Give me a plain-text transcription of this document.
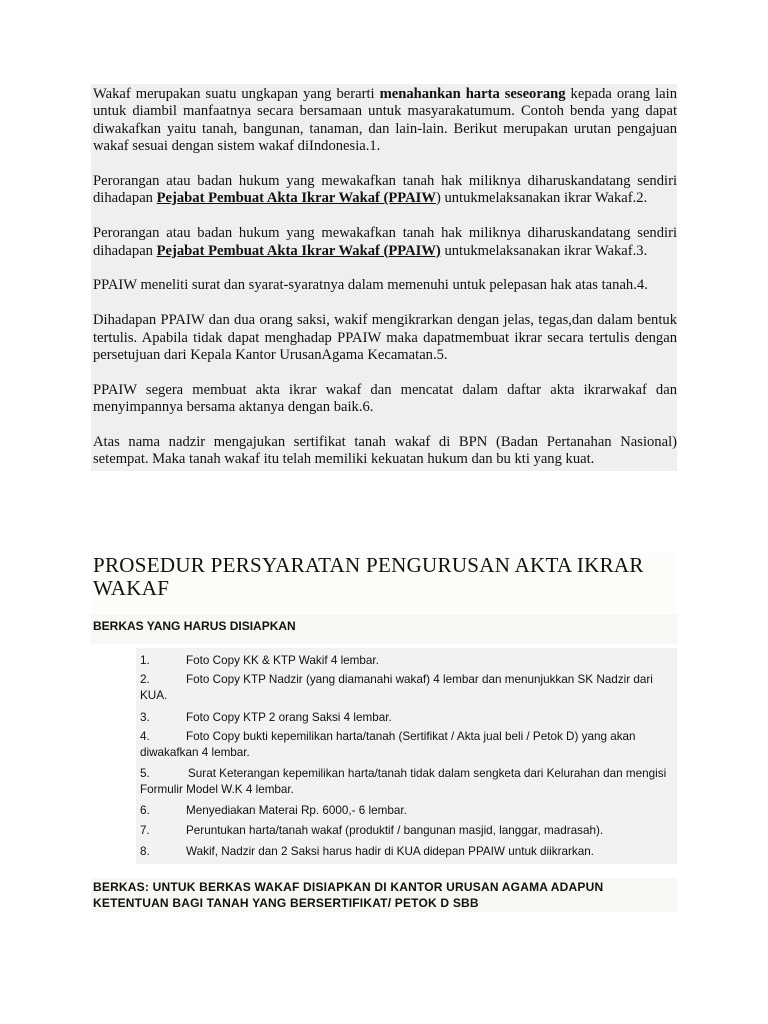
Wakaf merupakan suatu ungkapan yang berarti menahankan harta seseorang kepada orang lain untuk diambil manfaatnya secara bersamaan untuk masyarakatumum. Contoh benda yang dapat diwakafkan yaitu tanah, bangunan, tanaman, dan lain-lain. Berikut merupakan urutan pengajuan wakaf sesuai dengan sistem wakaf diIndonesia.1.

Perorangan atau badan hukum yang mewakafkan tanah hak miliknya diharuskandatang sendiri dihadapan Pejabat Pembuat Akta Ikrar Wakaf (PPAIW) untukmelaksanakan ikrar Wakaf.2.

Perorangan atau badan hukum yang mewakafkan tanah hak miliknya diharuskandatang sendiri dihadapan Pejabat Pembuat Akta Ikrar Wakaf (PPAIW) untukmelaksanakan ikrar Wakaf.3.

PPAIW meneliti surat dan syarat-syaratnya dalam memenuhi untuk pelepasan hak atas tanah.4.

Dihadapan PPAIW dan dua orang saksi, wakif mengikrarkan dengan jelas, tegas,dan dalam bentuk tertulis. Apabila tidak dapat menghadap PPAIW maka dapatmembuat ikrar secara tertulis dengan persetujuan dari Kepala Kantor UrusanAgama Kecamatan.5.

PPAIW segera membuat akta ikrar wakaf dan mencatat dalam daftar akta ikrarwakaf dan menyimpannya bersama aktanya dengan baik.6.

Atas nama nadzir mengajukan sertifikat tanah wakaf di BPN (Badan Pertanahan Nasional) setempat. Maka tanah wakaf itu telah memiliki kekuatan hukum dan bu kti yang kuat.

PROSEDUR PERSYARATAN PENGURUSAN AKTA IKRAR WAKAF
BERKAS YANG HARUS DISIAPKAN
1.	Foto Copy KK & KTP Wakif 4 lembar.
2.	Foto Copy KTP Nadzir (yang diamanahi wakaf) 4 lembar dan menunjukkan SK Nadzir dari KUA.
3.	Foto Copy KTP 2 orang Saksi 4 lembar.
4.	Foto Copy bukti kepemilikan harta/tanah (Sertifikat / Akta jual beli / Petok D) yang akan diwakafkan 4 lembar.
5.	Surat Keterangan kepemilikan harta/tanah tidak dalam sengketa dari Kelurahan dan mengisi Formulir Model W.K 4 lembar.
6.	Menyediakan Materai Rp. 6000,- 6 lembar.
7.	Peruntukan harta/tanah wakaf (produktif / bangunan masjid, langgar, madrasah).
8.	Wakif, Nadzir dan 2 Saksi harus hadir di KUA didepan PPAIW untuk diikrarkan.
BERKAS: UNTUK BERKAS WAKAF DISIAPKAN DI KANTOR URUSAN AGAMA ADAPUN KETENTUAN BAGI TANAH YANG BERSERTIFIKAT/ PETOK D SBB
